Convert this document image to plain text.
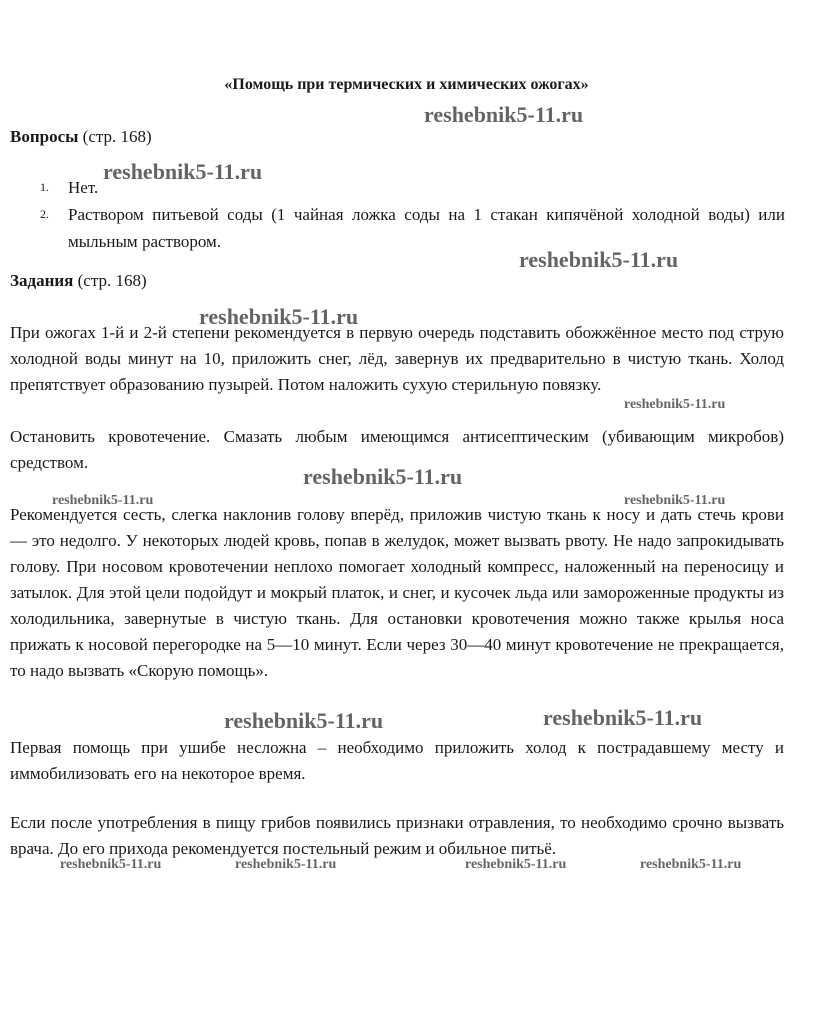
«Помощь при термических и химических ожогах»
Вопросы (стр. 168)
1. Нет.
2. Раствором питьевой соды (1 чайная ложка соды на 1 стакан кипячёной холодной воды) или мыльным раствором.
Задания (стр. 168)

При ожогах 1-й и 2-й степени рекомендуется в первую очередь подставить обожжённое место под струю холодной воды минут на 10, приложить снег, лёд, завернув их предварительно в чистую ткань. Холод препятствует образованию пузырей. Потом наложить сухую стерильную повязку.

Остановить кровотечение. Смазать любым имеющимся антисептическим (убивающим микробов) средством.

Рекомендуется сесть, слегка наклонив голову вперёд, приложив чистую ткань к носу и дать стечь крови — это недолго. У некоторых людей кровь, попав в желудок, может вызвать рвоту. Не надо запрокидывать голову. При носовом кровотечении неплохо помогает холодный компресс, наложенный на переносицу и затылок. Для этой цели подойдут и мокрый платок, и снег, и кусочек льда или замороженные продукты из холодильника, завернутые в чистую ткань. Для остановки кровотечения можно также крылья носа прижать к носовой перегородке на 5—10 минут. Если через 30—40 минут кровотечение не прекращается, то надо вызвать «Скорую помощь».

Первая помощь при ушибе несложна – необходимо приложить холод к пострадавшему месту и иммобилизовать его на некоторое время.

Если после употребления в пищу грибов появились признаки отравления, то необходимо срочно вызвать врача. До его прихода рекомендуется постельный режим и обильное питьё.

reshebnik5-11.ru
reshebnik5-11.ru
reshebnik5-11.ru
reshebnik5-11.ru
reshebnik5-11.ru
reshebnik5-11.ru
reshebnik5-11.ru	reshebnik5-11.ru
reshebnik5-11.ru	reshebnik5-11.ru
reshebnik5-11.ru	reshebnik5-11.ru	reshebnik5-11.ru	reshebnik5-11.ru
